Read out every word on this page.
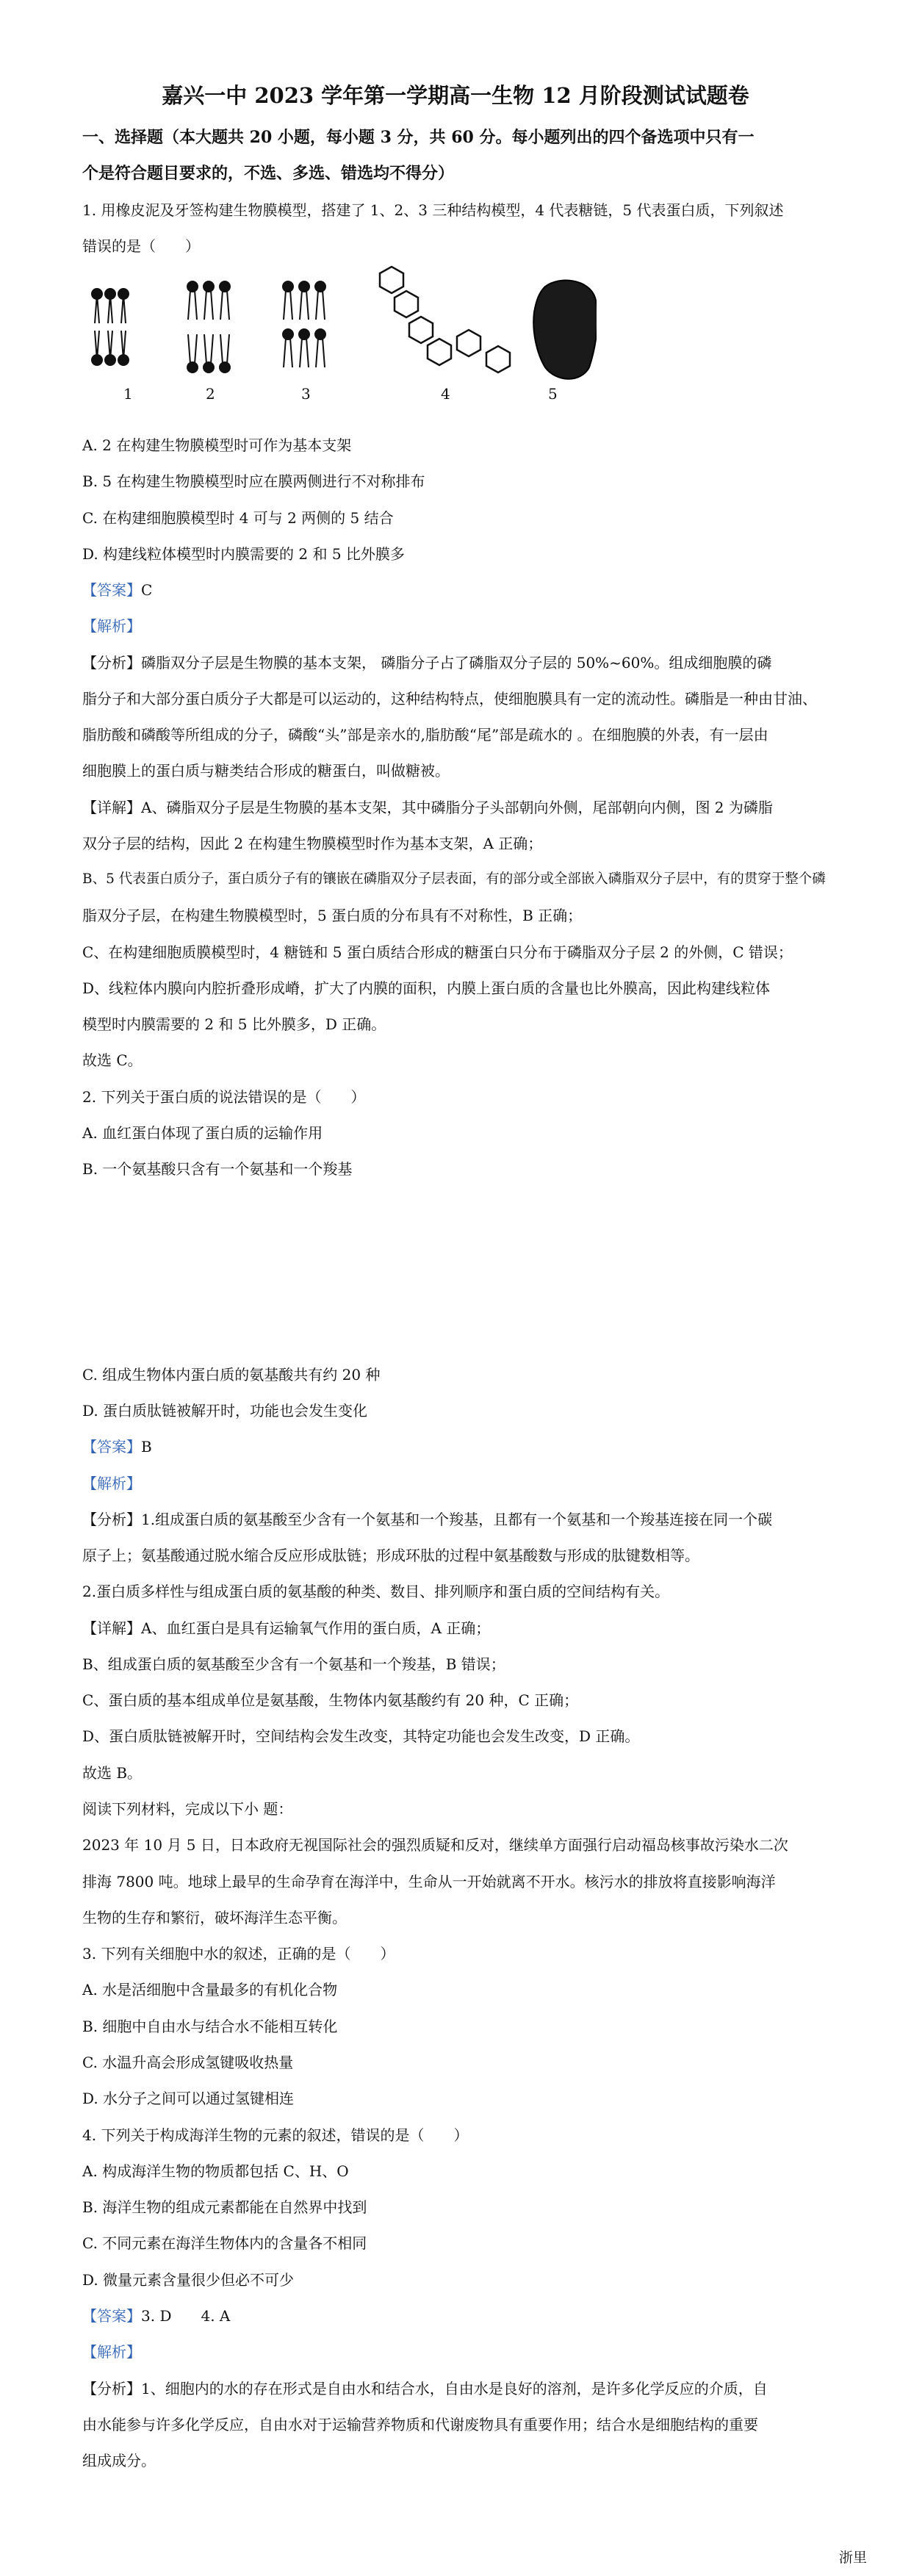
嘉兴一中 2023 学年第一学期高一生物 12 月阶段测试试题卷
一、选择题（本大题共 20 小题，每小题 3 分，共 60 分。每小题列出的四个备选项中只有一
个是符合题目要求的，不选、多选、错选均不得分）
1. 用橡皮泥及牙签构建生物膜模型，搭建了 1、2、3 三种结构模型，4 代表糖链，5 代表蛋白质，下列叙述
错误的是（　　）
1	2	3	4	5
A. 2 在构建生物膜模型时可作为基本支架
B. 5 在构建生物膜模型时应在膜两侧进行不对称排布
C. 在构建细胞膜模型时 4 可与 2 两侧的 5 结合
D. 构建线粒体模型时内膜需要的 2 和 5 比外膜多
【答案】C
【解析】
【分析】磷脂双分子层是生物膜的基本支架， 磷脂分子占了磷脂双分子层的 50%~60%。组成细胞膜的磷
脂分子和大部分蛋白质分子大都是可以运动的，这种结构特点，使细胞膜具有一定的流动性。磷脂是一种由甘油、
脂肪酸和磷酸等所组成的分子，磷酸“头”部是亲水的,脂肪酸“尾”部是疏水的 。在细胞膜的外表，有一层由
细胞膜上的蛋白质与糖类结合形成的糖蛋白，叫做糖被。
【详解】A、磷脂双分子层是生物膜的基本支架，其中磷脂分子头部朝向外侧，尾部朝向内侧，图 2 为磷脂
双分子层的结构，因此 2 在构建生物膜模型时作为基本支架，A 正确；
B、5 代表蛋白质分子，蛋白质分子有的镶嵌在磷脂双分子层表面，有的部分或全部嵌入磷脂双分子层中，有的贯穿于整个磷
脂双分子层，在构建生物膜模型时，5 蛋白质的分布具有不对称性，B 正确；
C、在构建细胞质膜模型时，4 糖链和 5 蛋白质结合形成的糖蛋白只分布于磷脂双分子层 2 的外侧，C 错误；
D、线粒体内膜向内腔折叠形成嵴，扩大了内膜的面积，内膜上蛋白质的含量也比外膜高，因此构建线粒体
模型时内膜需要的 2 和 5 比外膜多，D 正确。
故选 C。
2. 下列关于蛋白质的说法错误的是（　　）
A. 血红蛋白体现了蛋白质的运输作用
B. 一个氨基酸只含有一个氨基和一个羧基
C. 组成生物体内蛋白质的氨基酸共有约 20 种
D. 蛋白质肽链被解开时，功能也会发生变化
【答案】B
【解析】
【分析】1.组成蛋白质的氨基酸至少含有一个氨基和一个羧基，且都有一个氨基和一个羧基连接在同一个碳
原子上；氨基酸通过脱水缩合反应形成肽链；形成环肽的过程中氨基酸数与形成的肽键数相等。
2.蛋白质多样性与组成蛋白质的氨基酸的种类、数目、排列顺序和蛋白质的空间结构有关。
【详解】A、血红蛋白是具有运输氧气作用的蛋白质，A 正确；
B、组成蛋白质的氨基酸至少含有一个氨基和一个羧基，B 错误；
C、蛋白质的基本组成单位是氨基酸，生物体内氨基酸约有 20 种，C 正确；
D、蛋白质肽链被解开时，空间结构会发生改变，其特定功能也会发生改变，D 正确。
故选 B。
阅读下列材料，完成以下小 题：
2023 年 10 月 5 日，日本政府无视国际社会的强烈质疑和反对，继续单方面强行启动福岛核事故污染水二次
排海 7800 吨。地球上最早的生命孕育在海洋中，生命从一开始就离不开水。核污水的排放将直接影响海洋
生物的生存和繁衍，破坏海洋生态平衡。
3. 下列有关细胞中水的叙述，正确的是（　　）
A. 水是活细胞中含量最多的有机化合物
B. 细胞中自由水与结合水不能相互转化
C. 水温升高会形成氢键吸收热量
D. 水分子之间可以通过氢键相连
4. 下列关于构成海洋生物的元素的叙述，错误的是（　　）
A. 构成海洋生物的物质都包括 C、H、O
B. 海洋生物的组成元素都能在自然界中找到
C. 不同元素在海洋生物体内的含量各不相同
D. 微量元素含量很少但必不可少
【答案】3. D　　4. A
【解析】
【分析】1、细胞内的水的存在形式是自由水和结合水，自由水是良好的溶剂，是许多化学反应的介质，自
由水能参与许多化学反应，自由水对于运输营养物质和代谢废物具有重要作用；结合水是细胞结构的重要
组成成分。
浙里
